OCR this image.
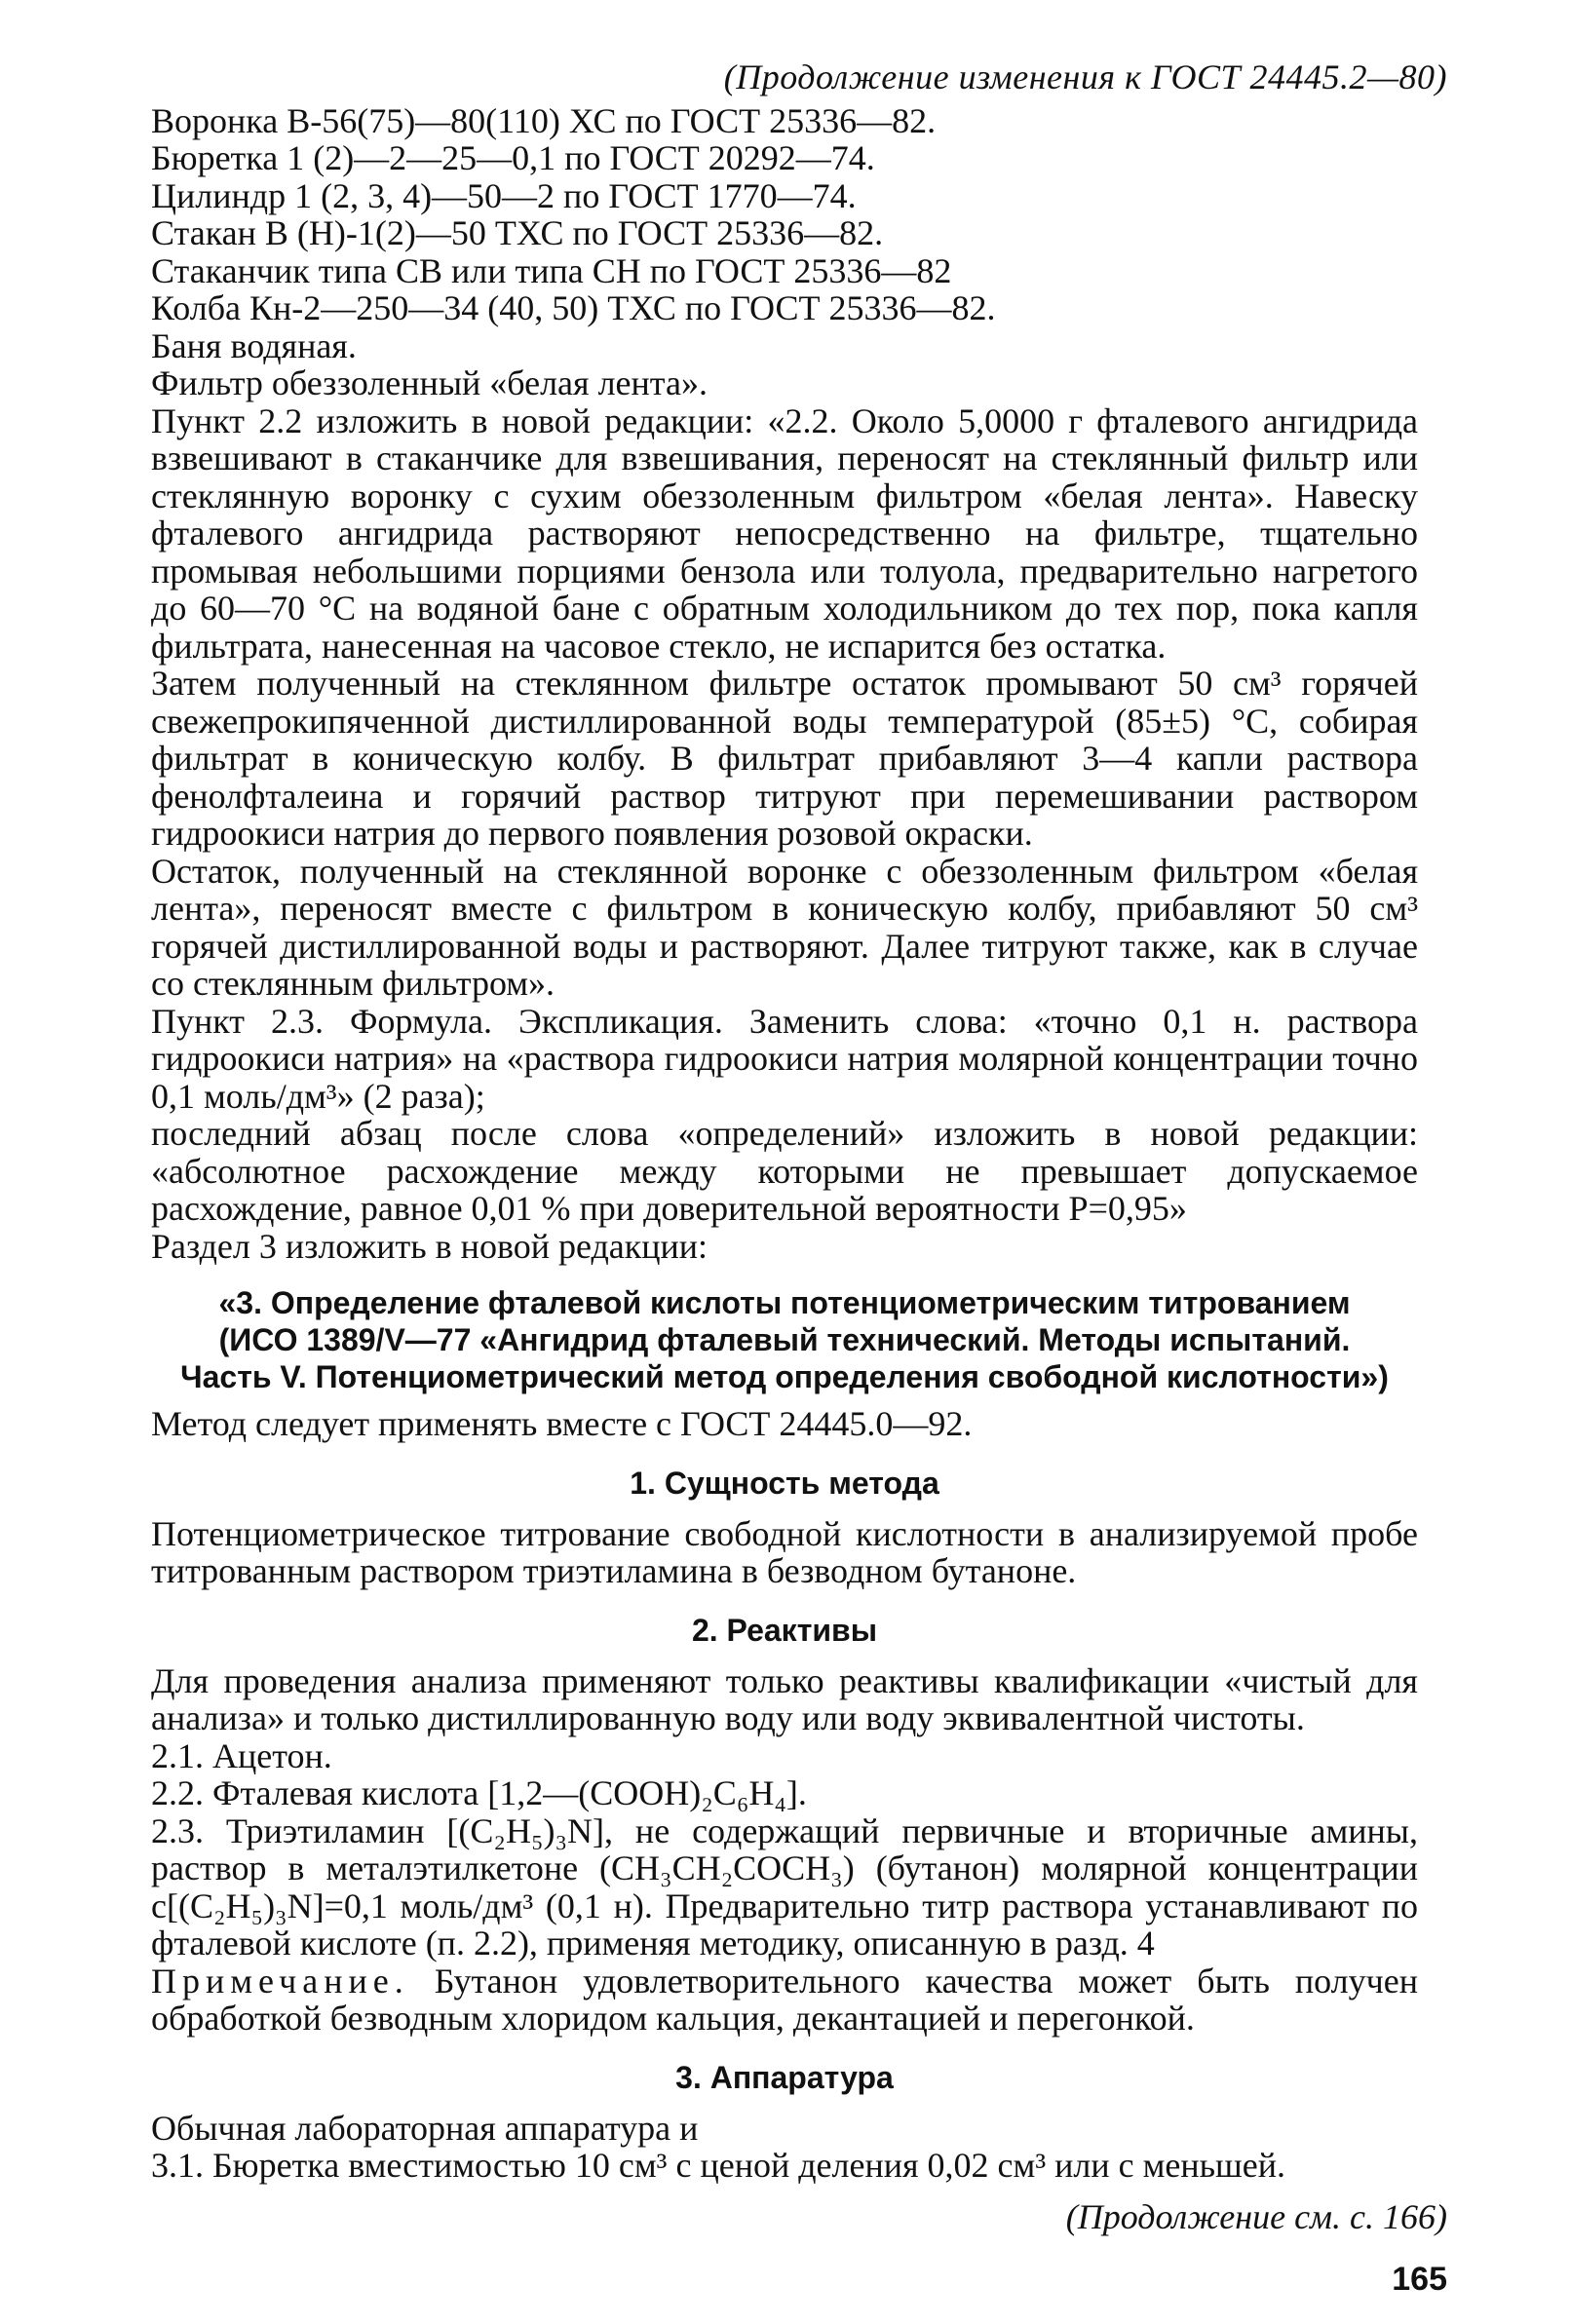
(Продолжение изменения к ГОСТ 24445.2—80)
Воронка В-56(75)—80(110) ХС по ГОСТ 25336—82.
Бюретка 1 (2)—2—25—0,1 по ГОСТ 20292—74.
Цилиндр 1 (2, 3, 4)—50—2 по ГОСТ 1770—74.
Стакан В (Н)-1(2)—50 ТХС по ГОСТ 25336—82.
Стаканчик типа СВ или типа СН по ГОСТ 25336—82
Колба Кн-2—250—34 (40, 50) ТХС по ГОСТ 25336—82.
Баня водяная.
Фильтр обеззоленный «белая лента».

Пункт 2.2 изложить в новой редакции: «2.2. Около 5,0000 г фталевого ангидрида взвешивают в стаканчике для взвешивания, переносят на стеклянный фильтр или стеклянную воронку с сухим обеззоленным фильтром «белая лента». Навеску фталевого ангидрида растворяют непосредственно на фильтре, тщательно промывая небольшими порциями бензола или толуола, предварительно нагретого до 60—70 °С на водяной бане с обратным холодильником до тех пор, пока капля фильтрата, нанесенная на часовое стекло, не испарится без остатка.

Затем полученный на стеклянном фильтре остаток промывают 50 см³ горячей свежепрокипяченной дистиллированной воды температурой (85±5) °С, собирая фильтрат в коническую колбу. В фильтрат прибавляют 3—4 капли раствора фенолфталеина и горячий раствор титруют при перемешивании раствором гидроокиси натрия до первого появления розовой окраски.

Остаток, полученный на стеклянной воронке с обеззоленным фильтром «белая лента», переносят вместе с фильтром в коническую колбу, прибавляют 50 см³ горячей дистиллированной воды и растворяют. Далее титруют также, как в случае со стеклянным фильтром».

Пункт 2.3. Формула. Экспликация. Заменить слова: «точно 0,1 н. раствора гидроокиси натрия» на «раствора гидроокиси натрия молярной концентрации точно 0,1 моль/дм³» (2 раза);

последний абзац после слова «определений» изложить в новой редакции: «абсолютное расхождение между которыми не превышает допускаемое расхождение, равное 0,01 % при доверительной вероятности P=0,95»

Раздел 3 изложить в новой редакции:

«3. Определение фталевой кислоты потенциометрическим титрованием
(ИСО 1389/V—77 «Ангидрид фталевый технический. Методы испытаний.
Часть V. Потенциометрический метод определения свободной кислотности»)

Метод следует применять вместе с ГОСТ 24445.0—92.

1. Сущность метода

Потенциометрическое титрование свободной кислотности в анализируемой пробе титрованным раствором триэтиламина в безводном бутаноне.

2. Реактивы

Для проведения анализа применяют только реактивы квалификации «чистый для анализа» и только дистиллированную воду или воду эквивалентной чистоты.

2.1. Ацетон.

2.2. Фталевая кислота [1,2—(COOH)₂C₆H₄].

2.3. Триэтиламин [(C₂H₅)₃N], не содержащий первичные и вторичные амины, раствор в металэтилкетоне (CH₃CH₂COCH₃) (бутанон) молярной концентрации c[(C₂H₅)₃N]=0,1 моль/дм³ (0,1 н). Предварительно титр раствора устанавливают по фталевой кислоте (п. 2.2), применяя методику, описанную в разд. 4

Примечание. Бутанон удовлетворительного качества может быть получен обработкой безводным хлоридом кальция, декантацией и перегонкой.

3. Аппаратура

Обычная лабораторная аппаратура и

3.1. Бюретка вместимостью 10 см³ с ценой деления 0,02 см³ или с меньшей.

(Продолжение см. с. 166)
165
